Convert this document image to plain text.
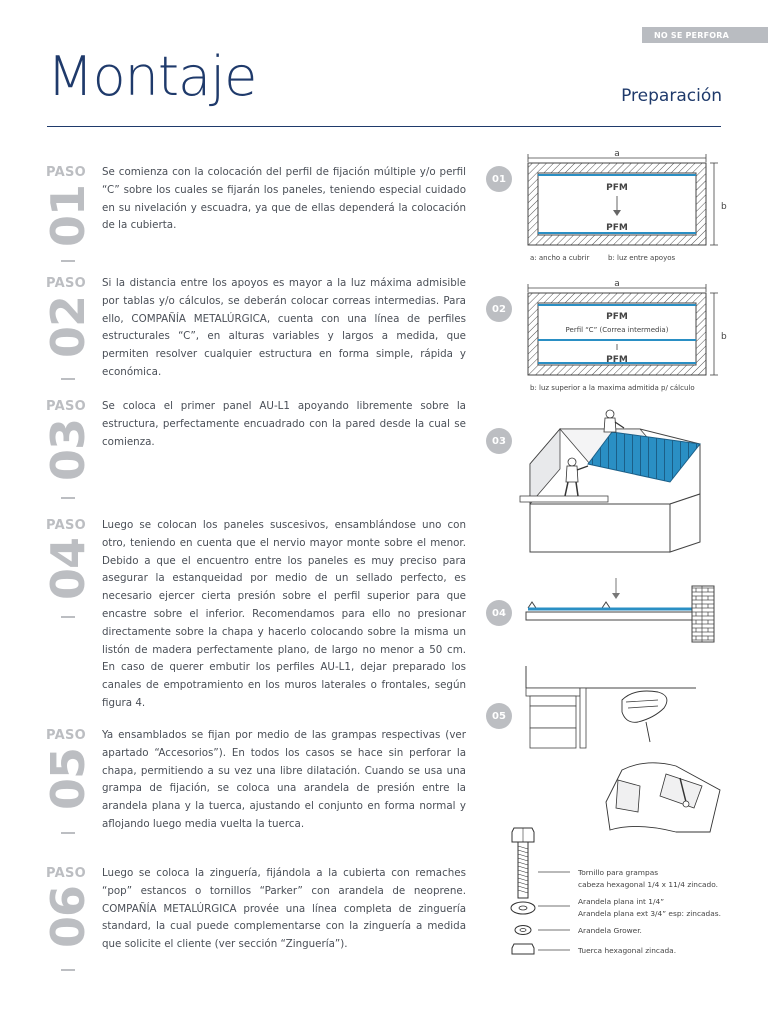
NO SE PERFORA
Montaje	Preparación
PASO
01

Se comienza con la colocación del perfil de fijación múltiple y/o perfil “C” sobre los cuales se fijarán los paneles, teniendo especial cuidado en su nivelación y escuadra, ya que de ellas dependerá la colocación de la cubierta.

PASO
02

Si la distancia entre los apoyos es mayor a la luz máxima admisible por tablas y/o cálculos, se deberán colocar correas intermedias. Para ello, COMPAÑÍA METALÚRGICA, cuenta con una línea de perfiles estructurales “C”, en alturas variables y largos a medida, que permiten resolver cualquier estructura en forma simple, rápida y económica.

PASO
03

Se coloca el primer panel AU-L1 apoyando libremente sobre la estructura, perfectamente encuadrado con la pared desde la cual se comienza.

PASO
04

Luego se colocan los paneles suscesivos, ensamblándose uno con otro, teniendo en cuenta que el nervio mayor monte sobre el menor. Debido a que el encuentro entre los paneles es muy preciso para asegurar la estanqueidad por medio de un sellado perfecto, es necesario ejercer cierta presión sobre el perfil superior para que encastre sobre el inferior. Recomendamos para ello no presionar directamente sobre la chapa y hacerlo colocando sobre la misma un listón de madera perfectamente plano, de largo no menor a 50 cm. En caso de querer embutir los perfiles AU-L1, dejar preparado los canales de empotramiento en los muros laterales o frontales, según figura 4.

PASO
05

Ya ensamblados se fijan por medio de las grampas respectivas (ver apartado “Accesorios”). En todos los casos se hace sin perforar la chapa, permitiendo a su vez una libre dilatación. Cuando se usa una grampa de fijación, se coloca una arandela de presión entre la arandela plana y la tuerca, ajustando el conjunto en forma normal y aflojando luego media vuelta la tuerca.

PASO
06

Luego se coloca la zinguería, fijándola a la cubierta con remaches “pop” estancos o tornillos “Parker” con arandela de neoprene. COMPAÑÍA METALÚRGICA provée una línea completa de zinguería standard, la cual puede complementarse con la zinguería a medida que solicite el cliente (ver sección “Zinguería”).

01
02
03
04
05
a
PFM
PFM
b
a: ancho a cubrir	b: luz entre apoyos
a
PFM
Perfil “C” (Correa intermedia)
PFM
b
b: luz superior a la maxima admitida p/ cálculo
Tornillo para grampas
cabeza hexagonal 1/4 x 11/4 zincado.
Arandela plana int 1/4”
Arandela plana ext 3/4” esp: zincadas.
Arandela Grower.
Tuerca hexagonal zincada.
